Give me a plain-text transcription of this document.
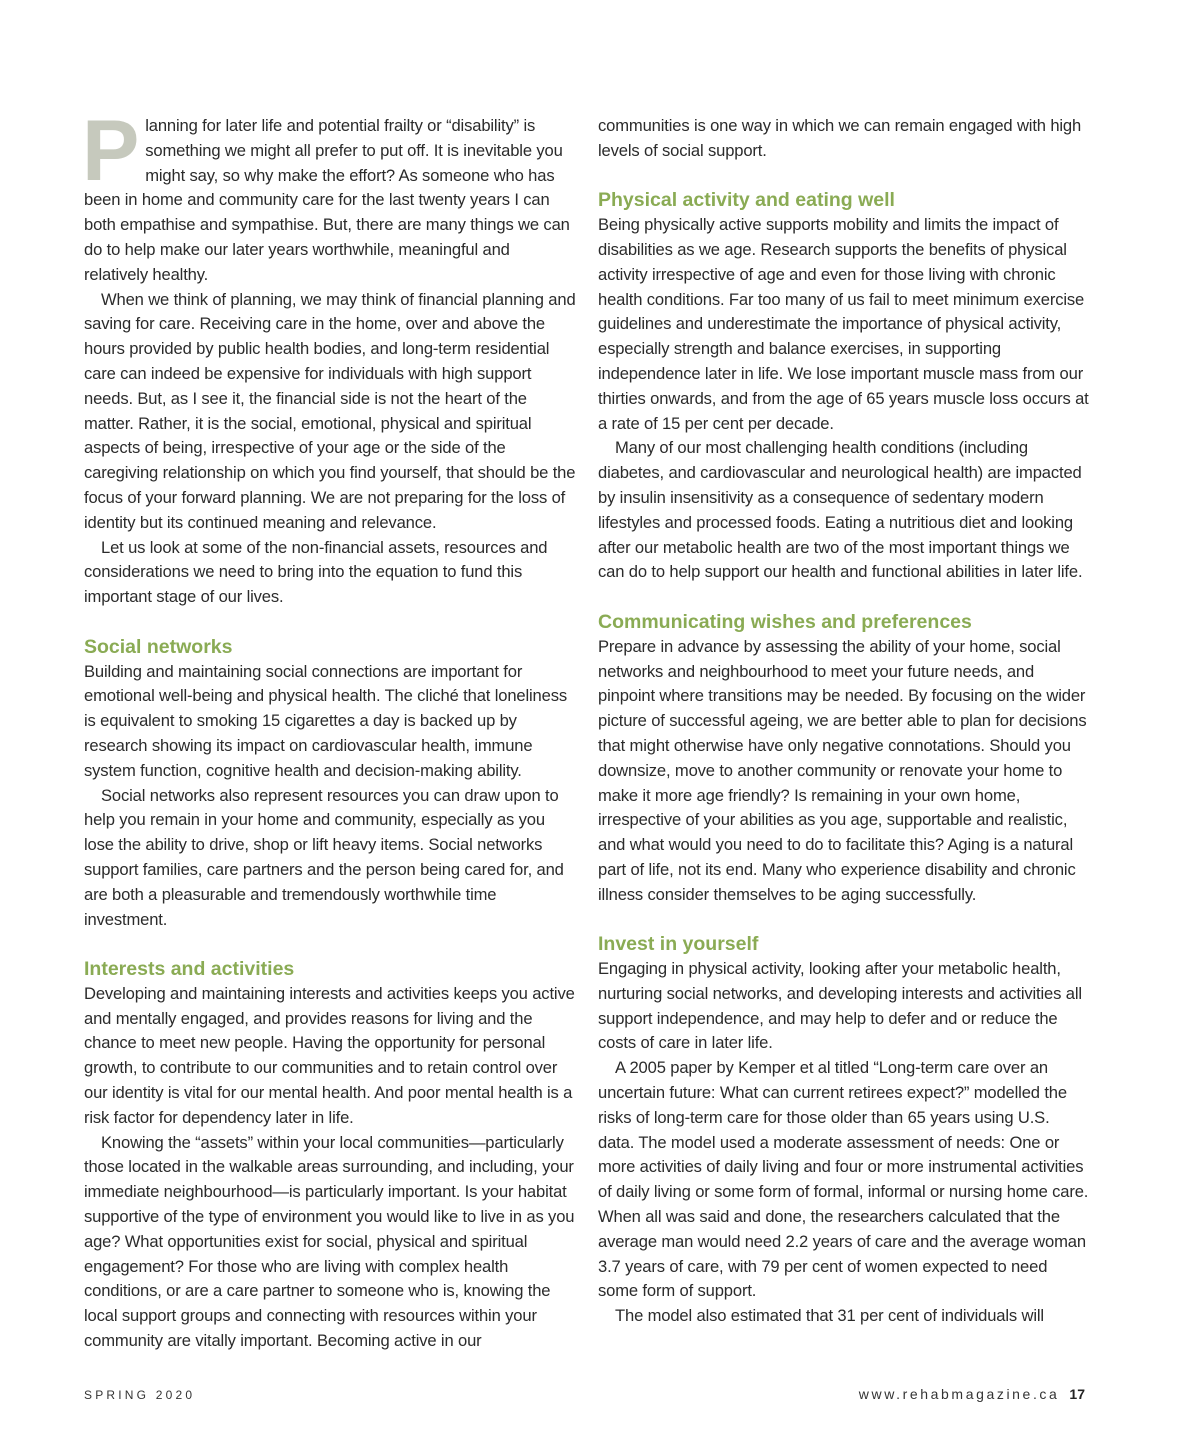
Planning for later life and potential frailty or “disability” is something we might all prefer to put off. It is inevitable you might say, so why make the effort? As someone who has been in home and community care for the last twenty years I can both empathise and sympathise. But, there are many things we can do to help make our later years worthwhile, meaningful and relatively healthy.

When we think of planning, we may think of financial planning and saving for care. Receiving care in the home, over and above the hours provided by public health bodies, and long-term residential care can indeed be expensive for individuals with high support needs. But, as I see it, the financial side is not the heart of the matter. Rather, it is the social, emotional, physical and spiritual aspects of being, irrespective of your age or the side of the caregiving relationship on which you find yourself, that should be the focus of your forward planning. We are not preparing for the loss of identity but its continued meaning and relevance.

Let us look at some of the non-financial assets, resources and considerations we need to bring into the equation to fund this important stage of our lives.

Social networks

Building and maintaining social connections are important for emotional well-being and physical health. The cliché that loneliness is equivalent to smoking 15 cigarettes a day is backed up by research showing its impact on cardiovascular health, immune system function, cognitive health and decision-making ability.

Social networks also represent resources you can draw upon to help you remain in your home and community, especially as you lose the ability to drive, shop or lift heavy items. Social networks support families, care partners and the person being cared for, and are both a pleasurable and tremendously worthwhile time investment.

Interests and activities

Developing and maintaining interests and activities keeps you active and mentally engaged, and provides reasons for living and the chance to meet new people. Having the opportunity for personal growth, to contribute to our communities and to retain control over our identity is vital for our mental health. And poor mental health is a risk factor for dependency later in life.

Knowing the “assets” within your local communities—particularly those located in the walkable areas surrounding, and including, your immediate neighbourhood—is particularly important. Is your habitat supportive of the type of environment you would like to live in as you age? What opportunities exist for social, physical and spiritual engagement? For those who are living with complex health conditions, or are a care partner to someone who is, knowing the local support groups and connecting with resources within your community are vitally important. Becoming active in our

communities is one way in which we can remain engaged with high levels of social support.

Physical activity and eating well

Being physically active supports mobility and limits the impact of disabilities as we age. Research supports the benefits of physical activity irrespective of age and even for those living with chronic health conditions. Far too many of us fail to meet minimum exercise guidelines and underestimate the importance of physical activity, especially strength and balance exercises, in supporting independence later in life. We lose important muscle mass from our thirties onwards, and from the age of 65 years muscle loss occurs at a rate of 15 per cent per decade.

Many of our most challenging health conditions (including diabetes, and cardiovascular and neurological health) are impacted by insulin insensitivity as a consequence of sedentary modern lifestyles and processed foods. Eating a nutritious diet and looking after our metabolic health are two of the most important things we can do to help support our health and functional abilities in later life.

Communicating wishes and preferences

Prepare in advance by assessing the ability of your home, social networks and neighbourhood to meet your future needs, and pinpoint where transitions may be needed. By focusing on the wider picture of successful ageing, we are better able to plan for decisions that might otherwise have only negative connotations. Should you downsize, move to another community or renovate your home to make it more age friendly? Is remaining in your own home, irrespective of your abilities as you age, supportable and realistic, and what would you need to do to facilitate this? Aging is a natural part of life, not its end. Many who experience disability and chronic illness consider themselves to be aging successfully.

Invest in yourself

Engaging in physical activity, looking after your metabolic health, nurturing social networks, and developing interests and activities all support independence, and may help to defer and or reduce the costs of care in later life.

A 2005 paper by Kemper et al titled “Long-term care over an uncertain future: What can current retirees expect?” modelled the risks of long-term care for those older than 65 years using U.S. data. The model used a moderate assessment of needs: One or more activities of daily living and four or more instrumental activities of daily living or some form of formal, informal or nursing home care. When all was said and done, the researchers calculated that the average man would need 2.2 years of care and the average woman 3.7 years of care, with 79 per cent of women expected to need some form of support.

The model also estimated that 31 per cent of individuals will

SPRING 2020	www.rehabmagazine.ca 17
